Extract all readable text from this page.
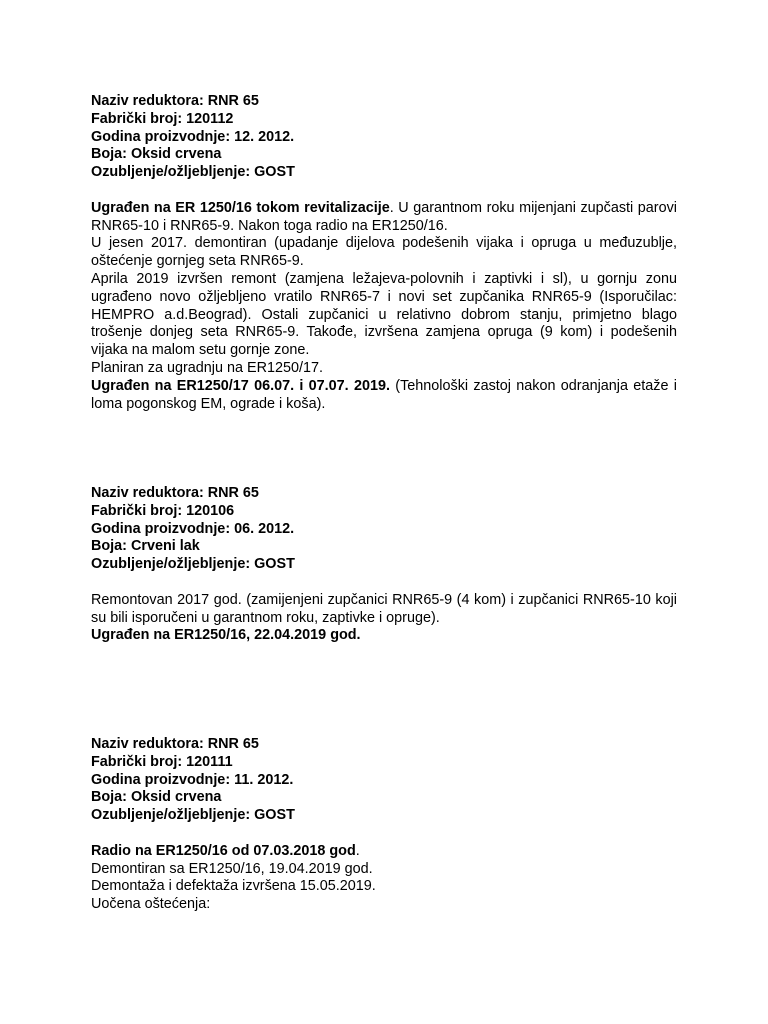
Naziv reduktora: RNR 65
Fabrički broj: 120112
Godina proizvodnje: 12. 2012.
Boja: Oksid crvena
Ozubljenje/ožljebljenje: GOST

Ugrađen na ER 1250/16 tokom revitalizacije. U garantnom roku mijenjani zupčasti parovi RNR65-10 i RNR65-9. Nakon toga radio na ER1250/16.

U jesen 2017. demontiran (upadanje dijelova podešenih vijaka i opruga u međuzublje, oštećenje gornjeg seta RNR65-9.

Aprila 2019 izvršen remont (zamjena ležajeva-polovnih i zaptivki i sl), u gornju zonu ugrađeno novo ožljebljeno vratilo RNR65-7 i novi set zupčanika RNR65-9 (Isporučilac: HEMPRO a.d.Beograd). Ostali zupčanici u relativno dobrom stanju, primjetno blago trošenje donjeg seta RNR65-9. Takođe, izvršena zamjena opruga (9 kom) i podešenih vijaka na malom setu gornje zone.

Planiran za ugradnju na ER1250/17.

Ugrađen na ER1250/17 06.07. i 07.07. 2019. (Tehnološki zastoj nakon odranjanja etaže i loma pogonskog EM, ograde i koša).

Naziv reduktora: RNR 65
Fabrički broj: 120106
Godina proizvodnje: 06. 2012.
Boja: Crveni lak
Ozubljenje/ožljebljenje: GOST

Remontovan 2017 god. (zamijenjeni zupčanici RNR65-9 (4 kom) i zupčanici RNR65-10 koji su bili isporučeni u garantnom roku, zaptivke i opruge).

Ugrađen na ER1250/16, 22.04.2019 god.

Naziv reduktora: RNR 65
Fabrički broj: 120111
Godina proizvodnje: 11. 2012.
Boja: Oksid crvena
Ozubljenje/ožljebljenje: GOST

Radio na ER1250/16 od 07.03.2018 god.

Demontiran sa ER1250/16, 19.04.2019 god.

Demontaža i defektaža izvršena 15.05.2019.

Uočena oštećenja:
